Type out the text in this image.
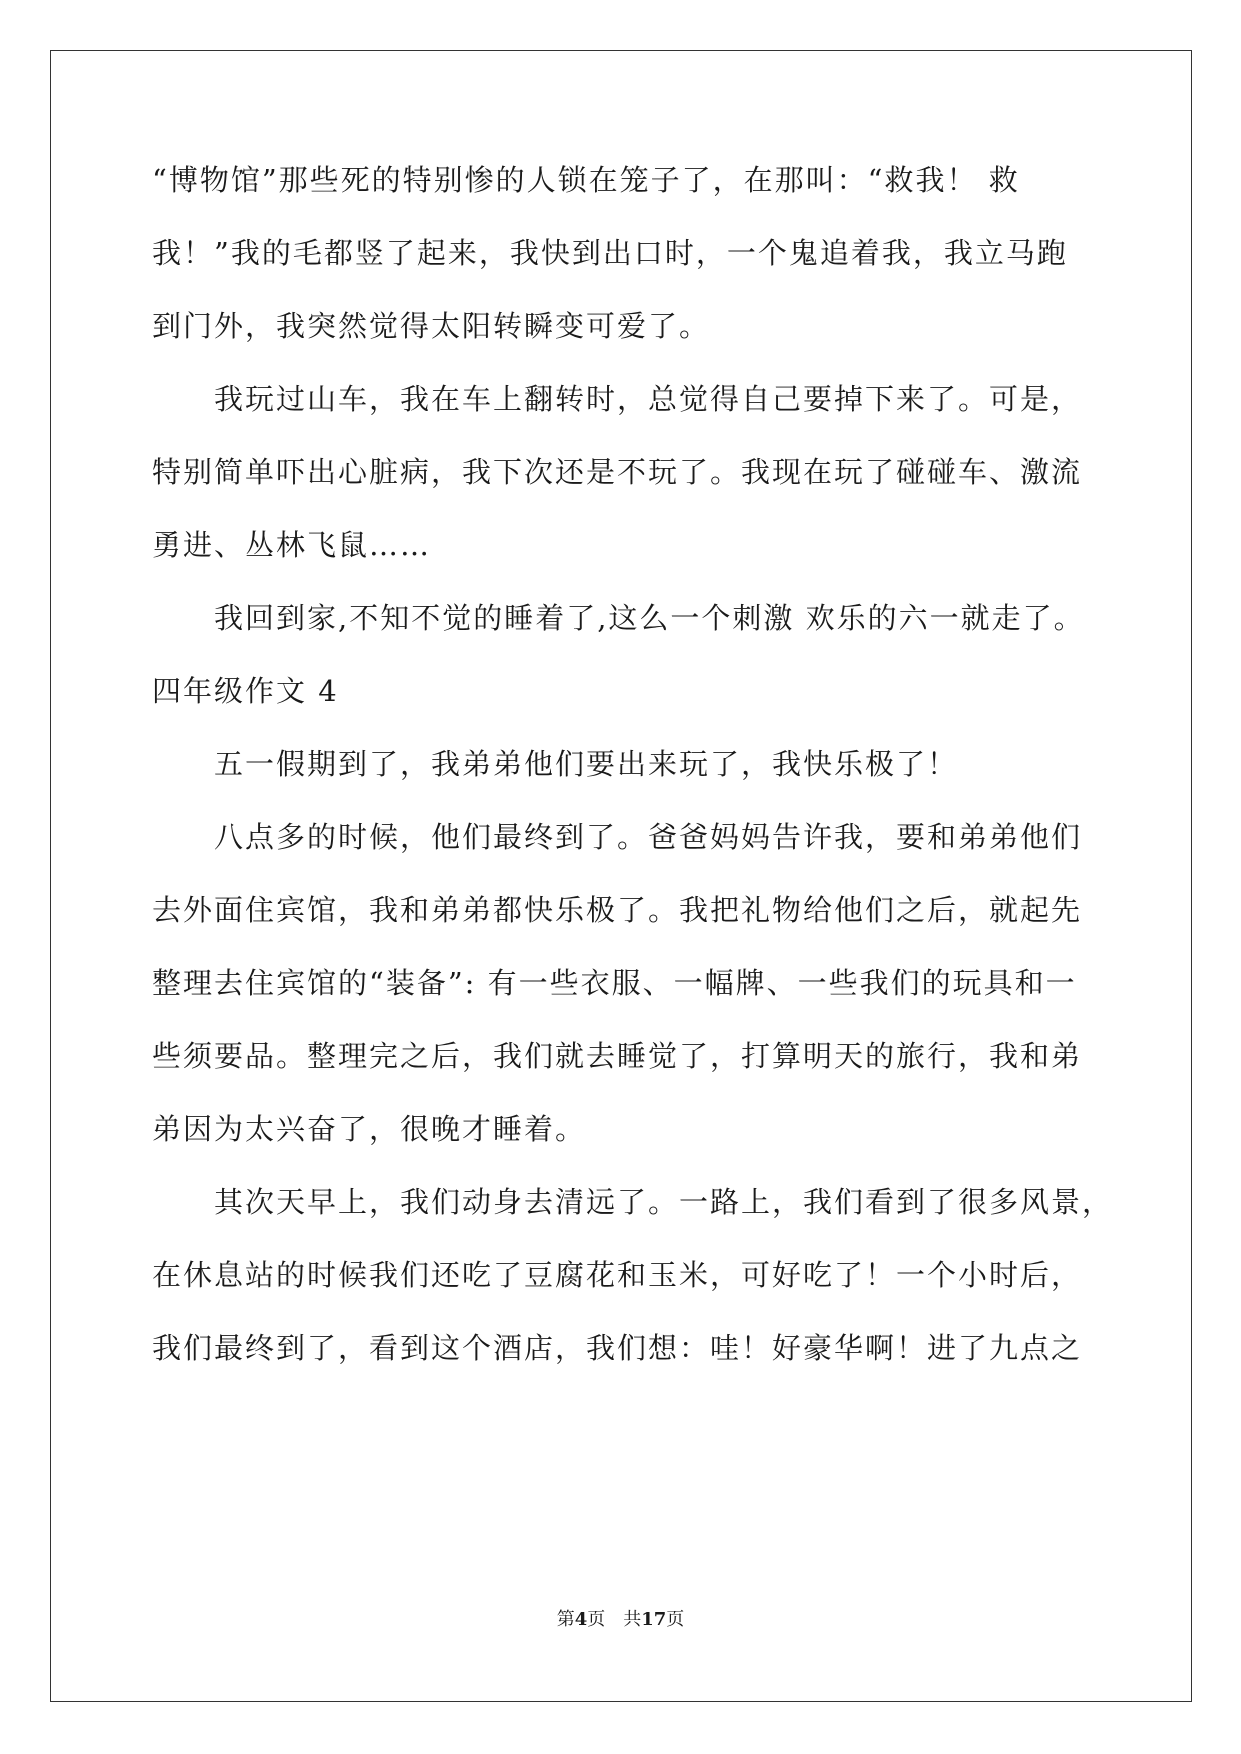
“博物馆”那些死的特别惨的人锁在笼子了，在那叫：“救我！ 救
我！”我的毛都竖了起来，我快到出口时，一个鬼追着我，我立马跑
到门外，我突然觉得太阳转瞬变可爱了。
我玩过山车，我在车上翻转时，总觉得自己要掉下来了。可是，
特别简单吓出心脏病，我下次还是不玩了。我现在玩了碰碰车、激流
勇进、丛林飞鼠……
我回到家,不知不觉的睡着了,这么一个刺激 欢乐的六一就走了。
四年级作文 4
五一假期到了，我弟弟他们要出来玩了，我快乐极了！
八点多的时候，他们最终到了。爸爸妈妈告许我，要和弟弟他们
去外面住宾馆，我和弟弟都快乐极了。我把礼物给他们之后，就起先
整理去住宾馆的“装备”: 有一些衣服、一幅牌、一些我们的玩具和一
些须要品。整理完之后，我们就去睡觉了，打算明天的旅行，我和弟
弟因为太兴奋了，很晚才睡着。
其次天早上，我们动身去清远了。一路上，我们看到了很多风景，
在休息站的时候我们还吃了豆腐花和玉米，可好吃了！一个小时后，
我们最终到了，看到这个酒店，我们想：哇！好豪华啊！进了九点之
第4页 共17页
